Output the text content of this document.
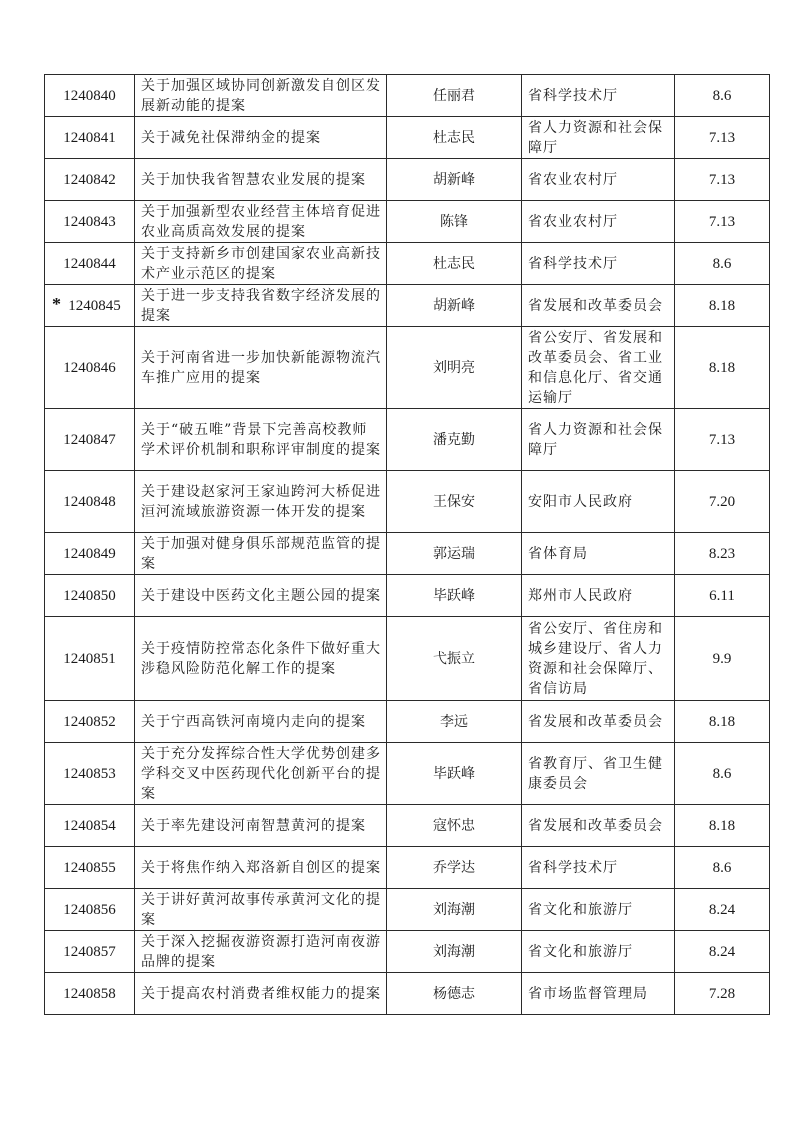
1240840	关于加强区域协同创新激发自创区发展新动能的提案	任丽君	省科学技术厅	8.6
1240841	关于减免社保滞纳金的提案	杜志民	省人力资源和社会保障厅	7.13
1240842	关于加快我省智慧农业发展的提案	胡新峰	省农业农村厅	7.13
1240843	关于加强新型农业经营主体培育促进农业高质高效发展的提案	陈锋	省农业农村厅	7.13
1240844	关于支持新乡市创建国家农业高新技术产业示范区的提案	杜志民	省科学技术厅	8.6

* 1240845	关于进一步支持我省数字经济发展的提案	胡新峰	省发展和改革委员会	8.18
1240846	关于河南省进一步加快新能源物流汽车推广应用的提案	刘明亮	省公安厅、省发展和改革委员会、省工业和信息化厅、省交通运输厅	8.18
1240847	关于“破五唯”背景下完善高校教师学术评价机制和职称评审制度的提案	潘克勤	省人力资源和社会保障厅	7.13
1240848	关于建设赵家河王家辿跨河大桥促进洹河流域旅游资源一体开发的提案	王保安	安阳市人民政府	7.20
1240849	关于加强对健身俱乐部规范监管的提案	郭运瑞	省体育局	8.23
1240850	关于建设中医药文化主题公园的提案	毕跃峰	郑州市人民政府	6.11
1240851	关于疫情防控常态化条件下做好重大涉稳风险防范化解工作的提案	弋振立	省公安厅、省住房和城乡建设厅、省人力资源和社会保障厅、省信访局	9.9
1240852	关于宁西高铁河南境内走向的提案	李远	省发展和改革委员会	8.18
1240853	关于充分发挥综合性大学优势创建多学科交叉中医药现代化创新平台的提案	毕跃峰	省教育厅、省卫生健康委员会	8.6
1240854	关于率先建设河南智慧黄河的提案	寇怀忠	省发展和改革委员会	8.18
1240855	关于将焦作纳入郑洛新自创区的提案	乔学达	省科学技术厅	8.6
1240856	关于讲好黄河故事传承黄河文化的提案	刘海潮	省文化和旅游厅	8.24
1240857	关于深入挖掘夜游资源打造河南夜游品牌的提案	刘海潮	省文化和旅游厅	8.24
1240858	关于提高农村消费者维权能力的提案	杨德志	省市场监督管理局	7.28
